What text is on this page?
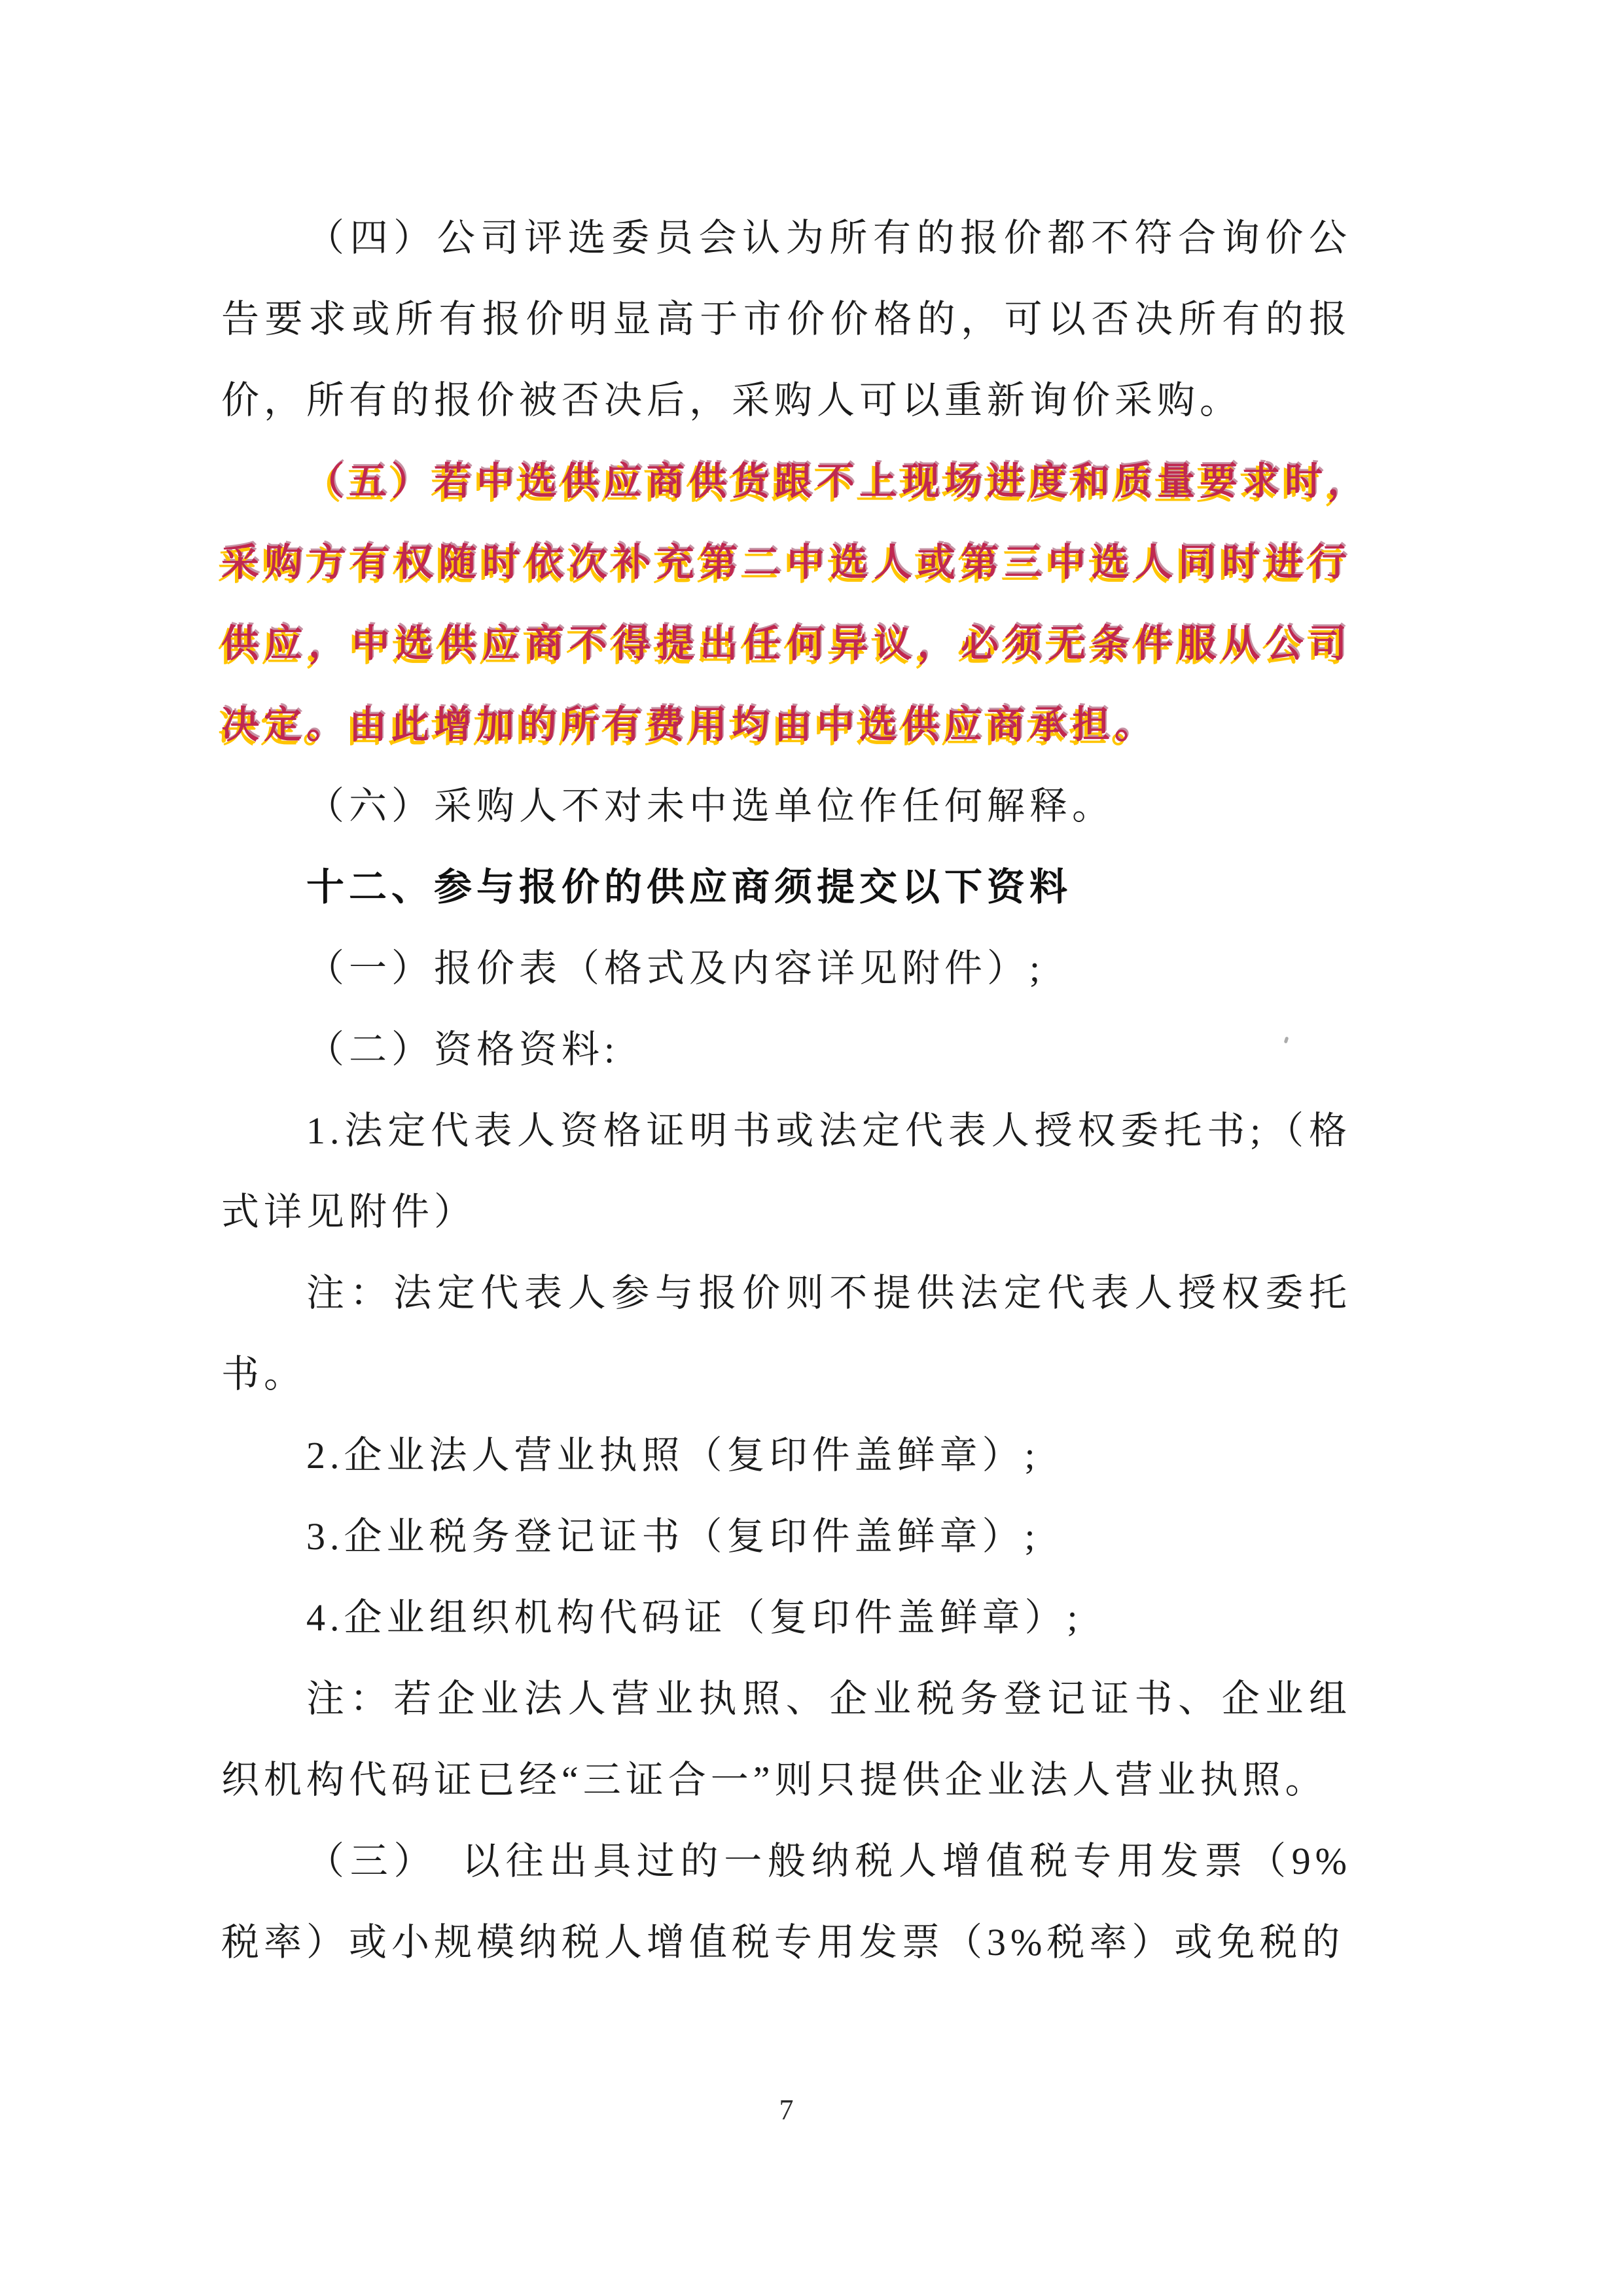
（四）公司评选委员会认为所有的报价都不符合询价公
告要求或所有报价明显高于市价价格的，可以否决所有的报
价，所有的报价被否决后，采购人可以重新询价采购。
（五）若中选供应商供货跟不上现场进度和质量要求时，
采购方有权随时依次补充第二中选人或第三中选人同时进行
供应，中选供应商不得提出任何异议，必须无条件服从公司
决定。由此增加的所有费用均由中选供应商承担。
（六）采购人不对未中选单位作任何解释。
十二、参与报价的供应商须提交以下资料
（一）报价表（格式及内容详见附件）;
（二）资格资料:
1.法定代表人资格证明书或法定代表人授权委托书;（格
式详见附件）
注：法定代表人参与报价则不提供法定代表人授权委托
书。
2.企业法人营业执照（复印件盖鲜章）;
3.企业税务登记证书（复印件盖鲜章）;
4.企业组织机构代码证（复印件盖鲜章）;
注：若企业法人营业执照、企业税务登记证书、企业组
织机构代码证已经“三证合一”则只提供企业法人营业执照。
（三）　以往出具过的一般纳税人增值税专用发票（9%
税率）或小规模纳税人增值税专用发票（3%税率）或免税的
7
